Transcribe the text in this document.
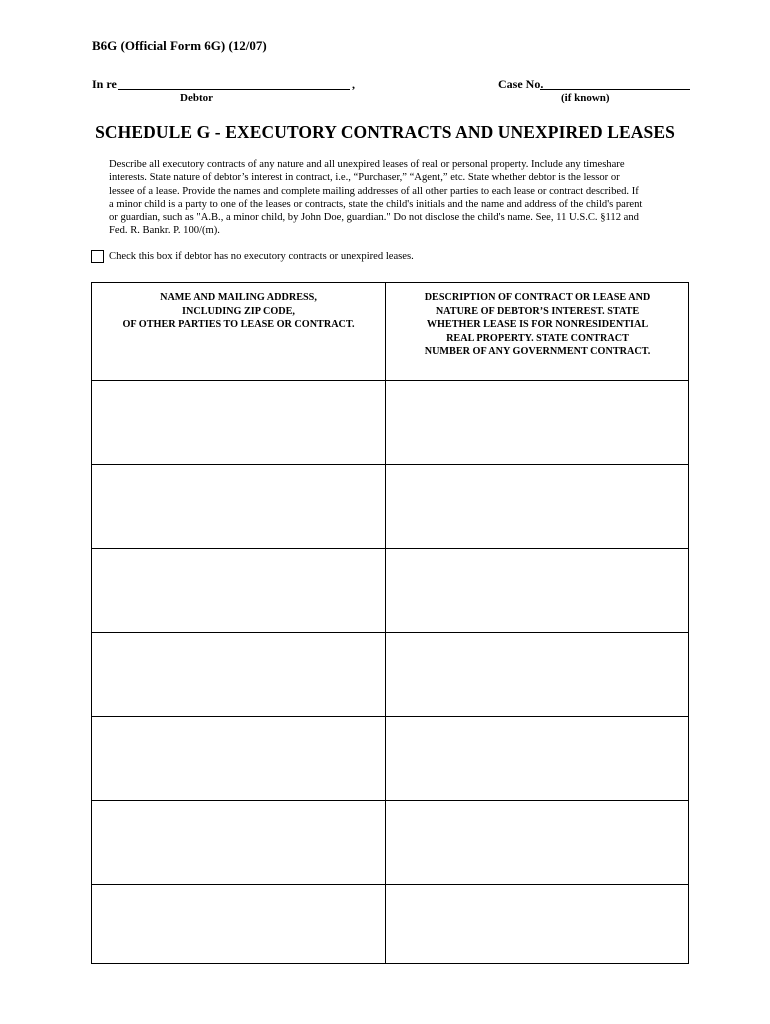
B6G (Official Form 6G) (12/07)
In re	,	Case No.
Debtor	(if known)
SCHEDULE G - EXECUTORY CONTRACTS AND UNEXPIRED LEASES
Describe all executory contracts of any nature and all unexpired leases of real or personal property. Include any timeshare
interests. State nature of debtor’s interest in contract, i.e., “Purchaser,” “Agent,” etc. State whether debtor is the lessor or
lessee of a lease. Provide the names and complete mailing addresses of all other parties to each lease or contract described. If
a minor child is a party to one of the leases or contracts, state the child's initials and the name and address of the child's parent
or guardian, such as "A.B., a minor child, by John Doe, guardian." Do not disclose the child's name. See, 11 U.S.C. §112 and
Fed. R. Bankr. P. 100/(m).
Check this box if debtor has no executory contracts or unexpired leases.
NAME AND MAILING ADDRESS,
INCLUDING ZIP CODE,
OF OTHER PARTIES TO LEASE OR CONTRACT.
DESCRIPTION OF CONTRACT OR LEASE AND
NATURE OF DEBTOR’S INTEREST. STATE
WHETHER LEASE IS FOR NONRESIDENTIAL
REAL PROPERTY. STATE CONTRACT
NUMBER OF ANY GOVERNMENT CONTRACT.
